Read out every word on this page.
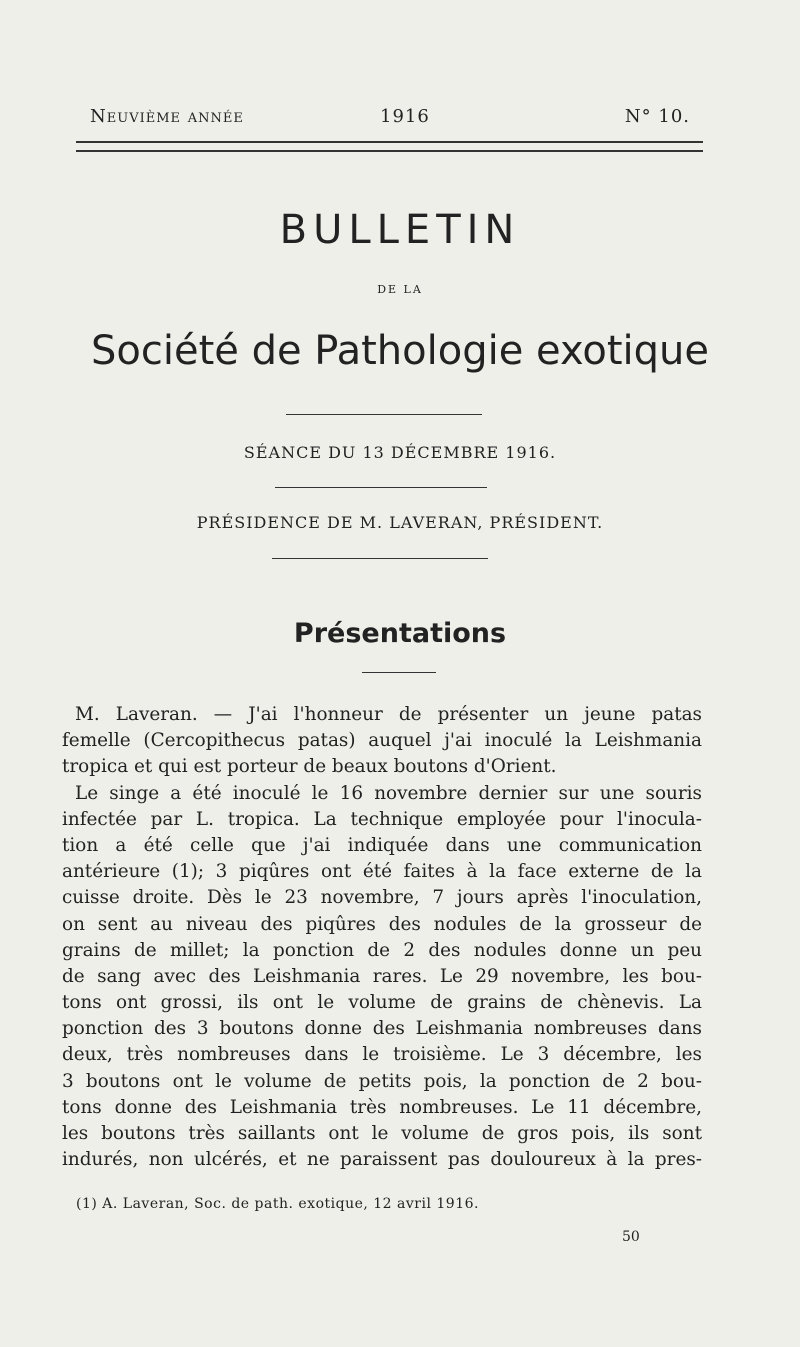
Neuvième année	1916	N° 10.
BULLETIN
DE LA
Société de Pathologie exotique
SÉANCE DU 13 DÉCEMBRE 1916.
PRÉSIDENCE DE M. LAVERAN, PRÉSIDENT.
Présentations
M. Laveran. — J'ai l'honneur de présenter un jeune patas
femelle (Cercopithecus patas) auquel j'ai inoculé la Leishmania
tropica et qui est porteur de beaux boutons d'Orient.
Le singe a été inoculé le 16 novembre dernier sur une souris
infectée par L. tropica. La technique employée pour l'inocula-
tion a été celle que j'ai indiquée dans une communication
antérieure (1); 3 piqûres ont été faites à la face externe de la
cuisse droite. Dès le 23 novembre, 7 jours après l'inoculation,
on sent au niveau des piqûres des nodules de la grosseur de
grains de millet; la ponction de 2 des nodules donne un peu
de sang avec des Leishmania rares. Le 29 novembre, les bou-
tons ont grossi, ils ont le volume de grains de chènevis. La
ponction des 3 boutons donne des Leishmania nombreuses dans
deux, très nombreuses dans le troisième. Le 3 décembre, les
3 boutons ont le volume de petits pois, la ponction de 2 bou-
tons donne des Leishmania très nombreuses. Le 11 décembre,
les boutons très saillants ont le volume de gros pois, ils sont
indurés, non ulcérés, et ne paraissent pas douloureux à la pres-
(1) A. Laveran, Soc. de path. exotique, 12 avril 1916.
50
